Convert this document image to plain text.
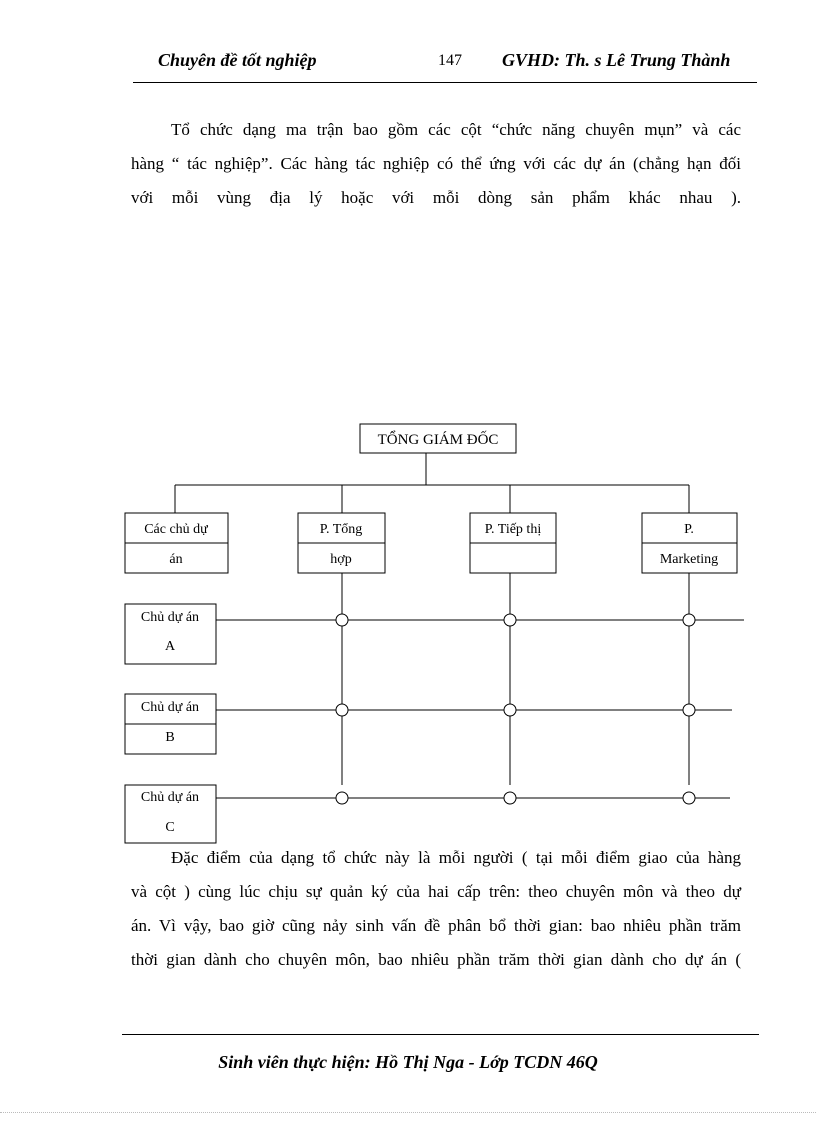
Chuyên đề tốt nghiệp	147 GVHD: Th. s Lê Trung Thành
Tổ chức dạng ma trận bao gồm các cột “chức năng chuyên mụn” và các
hàng “ tác nghiệp”. Các hàng tác nghiệp có thể ứng với các dự án (chẳng hạn đối
với mỗi vùng địa lý hoặc với mỗi dòng sản phẩm khác nhau ).
TỔNG GIÁM ĐỐC
Các chủ dự
án
P. Tổng
hợp
P. Tiếp thị	P.
Marketing
Chủ dự án
A
Chủ dự án
B
Chủ dự án
C
Đặc điểm của dạng tổ chức này là mỗi người ( tại mỗi điểm giao của hàng
và cột ) cùng lúc chịu sự quản ký của hai cấp trên: theo chuyên môn và theo dự
án. Vì vậy, bao giờ cũng nảy sinh vấn đề phân bổ thời gian: bao nhiêu phần trăm
thời gian dành cho chuyên môn, bao nhiêu phần trăm thời gian dành cho dự án (
Sinh viên thực hiện: Hồ Thị Nga - Lớp TCDN 46Q
